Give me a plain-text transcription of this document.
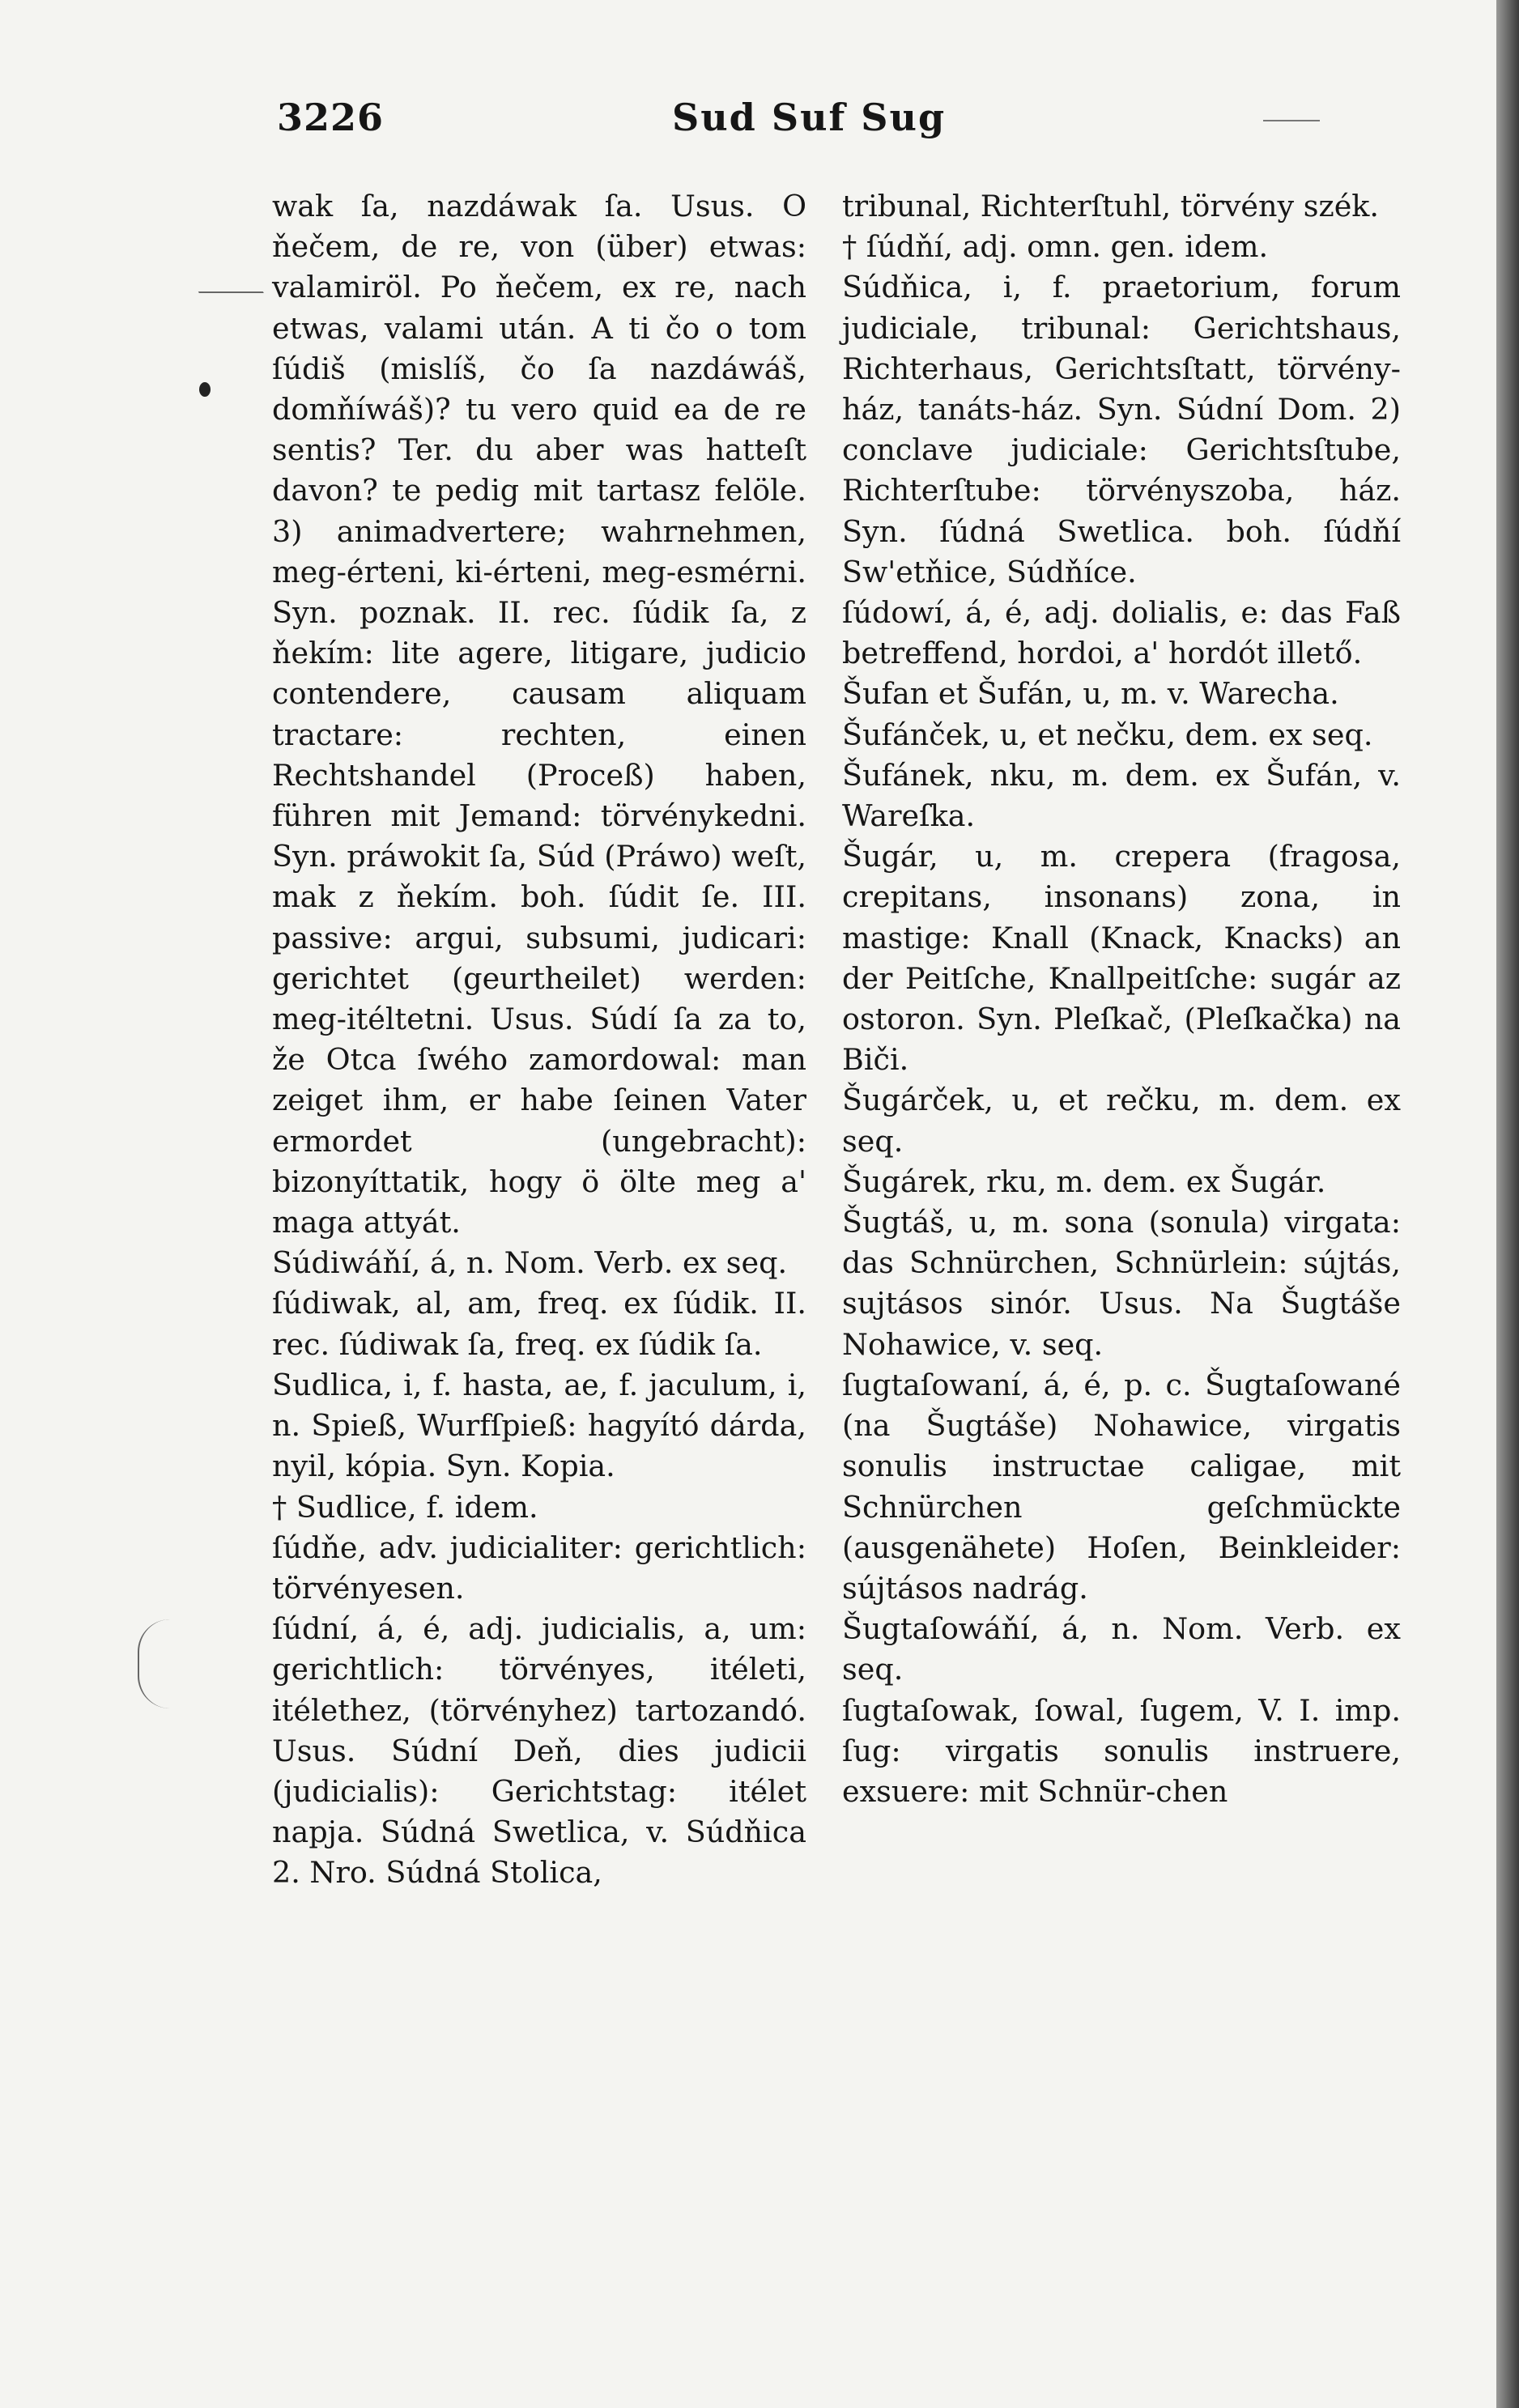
3226	Sud Suf Sug

wak ſa, nazdáwak ſa. Usus. O ňečem, de re, von (über) etwas: valamiröl. Po ňečem, ex re, nach etwas, valami után. A ti čo o tom ſúdiš (mislíš, čo ſa nazdáwáš, domňíwáš)? tu vero quid ea de re sentis? Ter. du aber was hatteſt davon? te pedig mit tartasz felöle. 3) animadvertere; wahrnehmen, meg-érteni, ki-érteni, meg-esmérni. Syn. poznak. II. rec. ſúdik ſa, z ňekím: lite agere, litigare, judicio contendere, causam aliquam tractare: rechten, einen Rechtshandel (Proceß) haben, führen mit Jemand: törvénykedni. Syn. práwokit ſa, Súd (Práwo) weſt, mak z ňekím. boh. ſúdit ſe. III. passive: argui, subsumi, judicari: gerichtet (geurtheilet) werden: meg-itéltetni. Usus. Súdí ſa za to, že Otca ſwého zamordowal: man zeiget ihm, er habe ſeinen Vater ermordet (ungebracht): bizonyíttatik, hogy ö ölte meg a' maga attyát.

Súdiwáňí, á, n. Nom. Verb. ex seq.

ſúdiwak, al, am, freq. ex ſúdik. II. rec. ſúdiwak ſa, freq. ex ſúdik ſa.

Sudlica, i, f. hasta, ae, f. jaculum, i, n. Spieß, Wurfſpieß: hagyító dárda, nyil, kópia. Syn. Kopia.

† Sudlice, f. idem.

ſúdňe, adv. judicialiter: gerichtlich: törvényesen.

ſúdní, á, é, adj. judicialis, a, um: gerichtlich: törvényes, itéleti, itélethez, (törvényhez) tartozandó. Usus. Súdní Deň, dies judicii (judicialis): Gerichtstag: itélet napja. Súdná Swetlica, v. Súdňica 2. Nro. Súdná Stolica,

tribunal, Richterſtuhl, törvény szék.

† ſúdňí, adj. omn. gen. idem.

Súdňica, i, f. praetorium, forum judiciale, tribunal: Gerichtshaus, Richterhaus, Gerichtsſtatt, törvény-ház, tanáts-ház. Syn. Súdní Dom. 2) conclave judiciale: Gerichtsſtube, Richterſtube: törvényszoba, ház. Syn. ſúdná Swetlica. boh. ſúdňí Sw'etňice, Súdňíce.

ſúdowí, á, é, adj. dolialis, e: das Faß betreffend, hordoi, a' hordót illető.

Šufan et Šufán, u, m. v. Warecha.

Šufánček, u, et nečku, dem. ex seq.

Šufánek, nku, m. dem. ex Šufán, v. Wareſka.

Šugár, u, m. crepera (fragosa, crepitans, insonans) zona, in mastige: Knall (Knack, Knacks) an der Peitſche, Knallpeitſche: sugár az ostoron. Syn. Pleſkač, (Pleſkačka) na Biči.

Šugárček, u, et rečku, m. dem. ex seq.

Šugárek, rku, m. dem. ex Šugár.

Šugtáš, u, m. sona (sonula) virgata: das Schnürchen, Schnürlein: sújtás, sujtásos sinór. Usus. Na Šugtáše Nohawice, v. seq.

ſugtaſowaní, á, é, p. c. Šugtaſowané (na Šugtáše) Nohawice, virgatis sonulis instructae caligae, mit Schnürchen geſchmückte (ausgenähete) Hoſen, Beinkleider: sújtásos nadrág.

Šugtaſowáňí, á, n. Nom. Verb. ex seq.

ſugtaſowak, ſowal, ſugem, V. I. imp. ſug: virgatis sonulis instruere, exsuere: mit Schnür-chen
